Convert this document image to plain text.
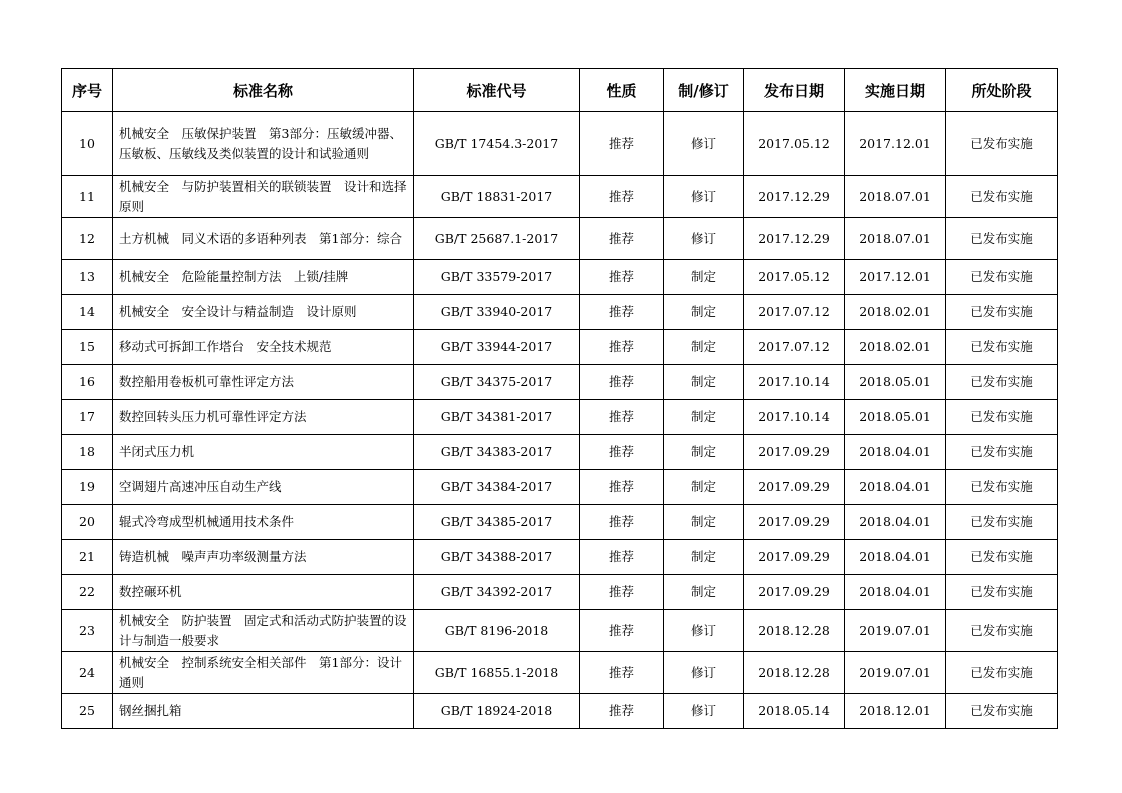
序号	标准名称	标准代号	性质	制/修订	发布日期	实施日期	所处阶段
10	机械安全　压敏保护装置　第3部分：压敏缓冲器、压敏板、压敏线及类似装置的设计和试验通则	GB/T 17454.3-2017	推荐	修订	2017.05.12	2017.12.01	已发布实施
11	机械安全　与防护装置相关的联锁装置　设计和选择原则	GB/T 18831-2017	推荐	修订	2017.12.29	2018.07.01	已发布实施
12	土方机械　同义术语的多语种列表　第1部分：综合	GB/T 25687.1-2017	推荐	修订	2017.12.29	2018.07.01	已发布实施
13	机械安全　危险能量控制方法　上锁/挂牌	GB/T 33579-2017	推荐	制定	2017.05.12	2017.12.01	已发布实施
14	机械安全　安全设计与精益制造　设计原则	GB/T 33940-2017	推荐	制定	2017.07.12	2018.02.01	已发布实施
15	移动式可拆卸工作塔台　安全技术规范	GB/T 33944-2017	推荐	制定	2017.07.12	2018.02.01	已发布实施
16	数控船用卷板机可靠性评定方法	GB/T 34375-2017	推荐	制定	2017.10.14	2018.05.01	已发布实施
17	数控回转头压力机可靠性评定方法	GB/T 34381-2017	推荐	制定	2017.10.14	2018.05.01	已发布实施
18	半闭式压力机	GB/T 34383-2017	推荐	制定	2017.09.29	2018.04.01	已发布实施
19	空调翅片高速冲压自动生产线	GB/T 34384-2017	推荐	制定	2017.09.29	2018.04.01	已发布实施
20	辊式冷弯成型机械通用技术条件	GB/T 34385-2017	推荐	制定	2017.09.29	2018.04.01	已发布实施
21	铸造机械　噪声声功率级测量方法	GB/T 34388-2017	推荐	制定	2017.09.29	2018.04.01	已发布实施
22	数控碾环机	GB/T 34392-2017	推荐	制定	2017.09.29	2018.04.01	已发布实施
23	机械安全　防护装置　固定式和活动式防护装置的设计与制造一般要求	GB/T 8196-2018	推荐	修订	2018.12.28	2019.07.01	已发布实施
24	机械安全　控制系统安全相关部件　第1部分：设计通则	GB/T 16855.1-2018	推荐	修订	2018.12.28	2019.07.01	已发布实施
25	钢丝捆扎箱	GB/T 18924-2018	推荐	修订	2018.05.14	2018.12.01	已发布实施
